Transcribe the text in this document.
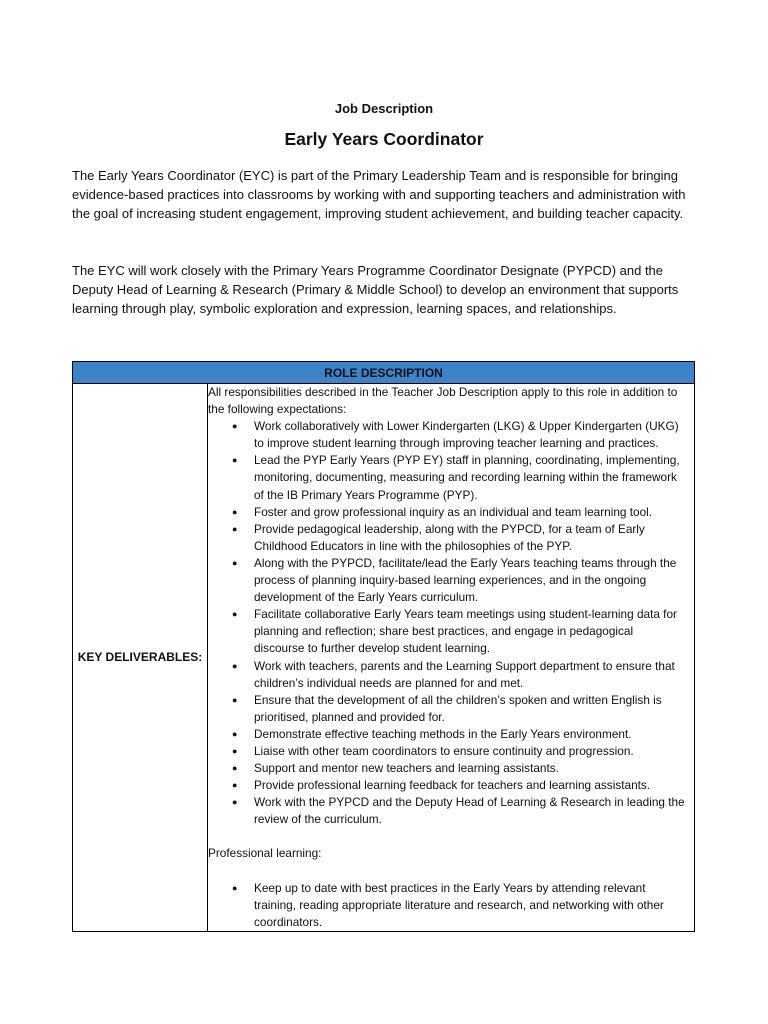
Job Description
Early Years Coordinator

The Early Years Coordinator (EYC) is part of the Primary Leadership Team and is responsible for bringing evidence-based practices into classrooms by working with and supporting teachers and administration with the goal of increasing student engagement, improving student achievement, and building teacher capacity.

The EYC will work closely with the Primary Years Programme Coordinator Designate (PYPCD) and the Deputy Head of Learning & Research (Primary & Middle School) to develop an environment that supports learning through play, symbolic exploration and expression, learning spaces, and relationships.

ROLE DESCRIPTION
KEY DELIVERABLES:	

All responsibilities described in the Teacher Job Description apply to this role in addition to the following expectations:

● Work collaboratively with Lower Kindergarten (LKG) & Upper Kindergarten (UKG) to improve student learning through improving teacher learning and practices.
● Lead the PYP Early Years (PYP EY) staff in planning, coordinating, implementing, monitoring, documenting, measuring and recording learning within the framework of the IB Primary Years Programme (PYP).
● Foster and grow professional inquiry as an individual and team learning tool.
● Provide pedagogical leadership, along with the PYPCD, for a team of Early Childhood Educators in line with the philosophies of the PYP.
● Along with the PYPCD, facilitate/lead the Early Years teaching teams through the process of planning inquiry-based learning experiences, and in the ongoing development of the Early Years curriculum.
● Facilitate collaborative Early Years team meetings using student-learning data for planning and reflection; share best practices, and engage in pedagogical discourse to further develop student learning.
● Work with teachers, parents and the Learning Support department to ensure that children’s individual needs are planned for and met.
● Ensure that the development of all the children’s spoken and written English is prioritised, planned and provided for.
● Demonstrate effective teaching methods in the Early Years environment.
● Liaise with other team coordinators to ensure continuity and progression.
● Support and mentor new teachers and learning assistants.
● Provide professional learning feedback for teachers and learning assistants.
● Work with the PYPCD and the Deputy Head of Learning & Research in leading the review of the curriculum.

Professional learning:

● Keep up to date with best practices in the Early Years by attending relevant training, reading appropriate literature and research, and networking with other coordinators.
